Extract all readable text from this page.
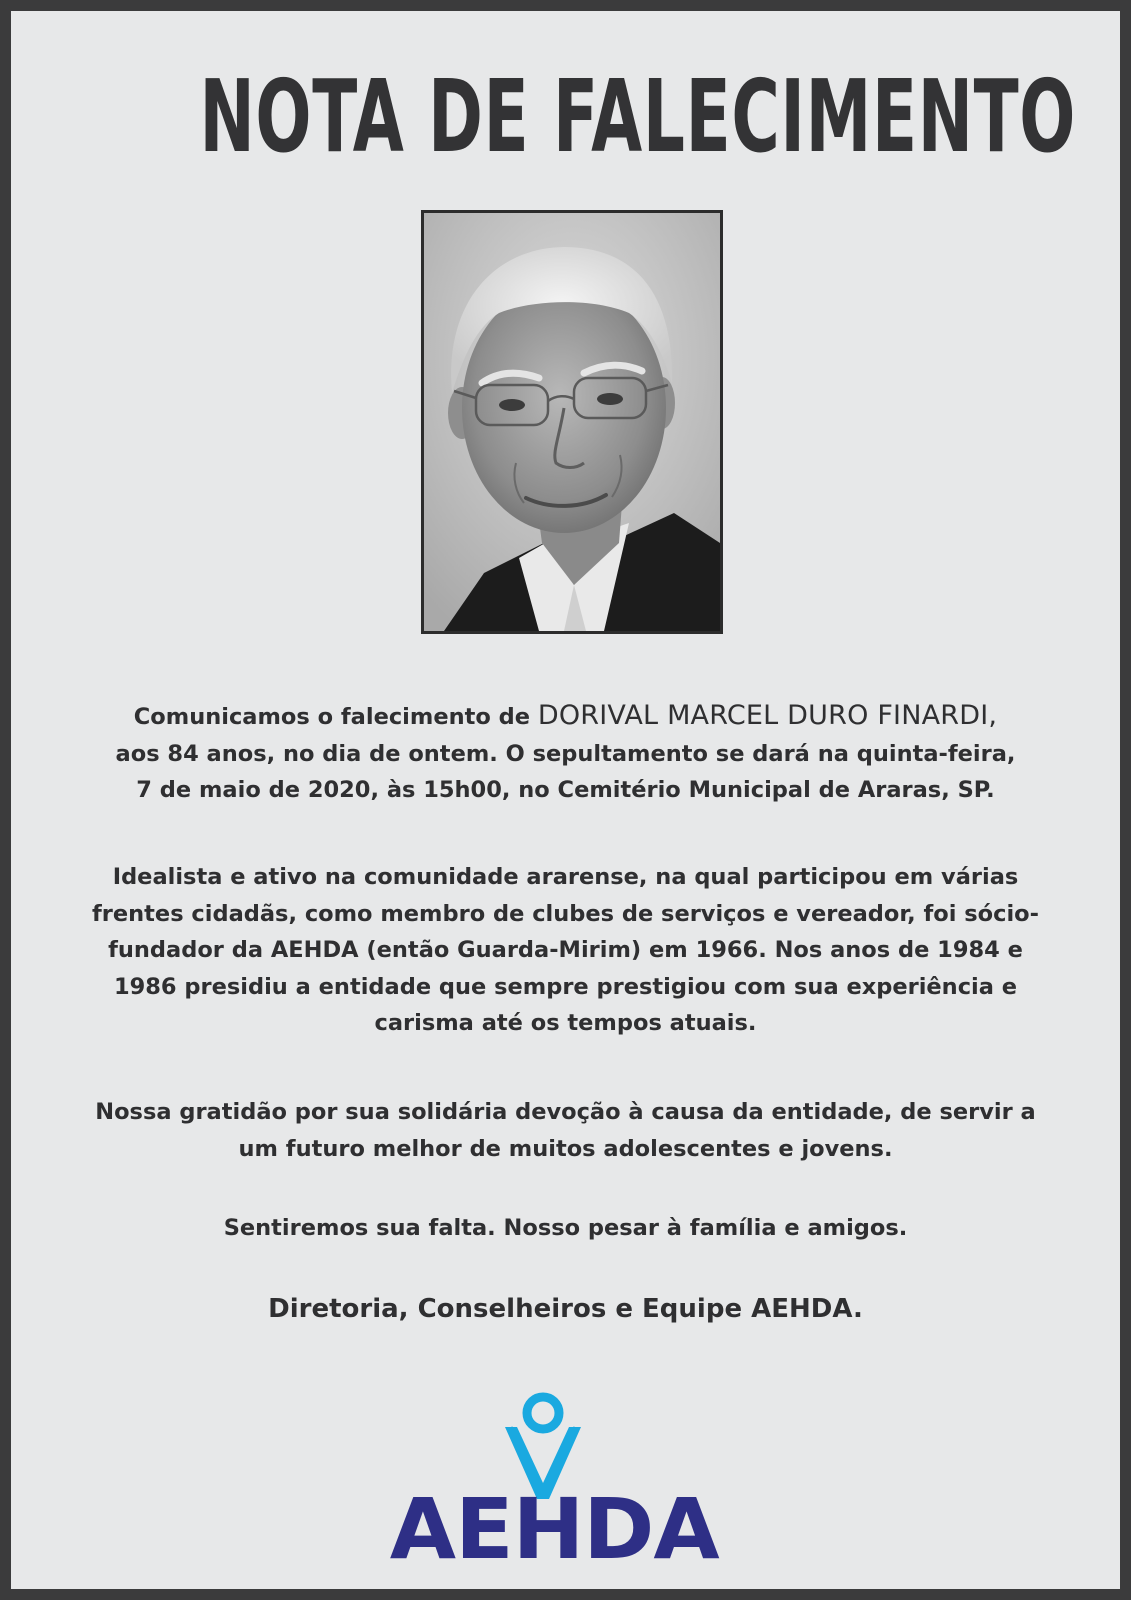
NOTA DE FALECIMENTO
Comunicamos o falecimento de DORIVAL MARCEL DURO FINARDI,
aos 84 anos, no dia de ontem. O sepultamento se dará na quinta-feira,
7 de maio de 2020, às 15h00, no Cemitério Municipal de Araras, SP.
Idealista e ativo na comunidade ararense, na qual participou em várias
frentes cidadãs, como membro de clubes de serviços e vereador, foi sócio-
fundador da AEHDA (então Guarda-Mirim) em 1966. Nos anos de 1984 e
1986 presidiu a entidade que sempre prestigiou com sua experiência e
carisma até os tempos atuais.
Nossa gratidão por sua solidária devoção à causa da entidade, de servir a
um futuro melhor de muitos adolescentes e jovens.
Sentiremos sua falta. Nosso pesar à família e amigos.
Diretoria, Conselheiros e Equipe AEHDA.
AEHDA
